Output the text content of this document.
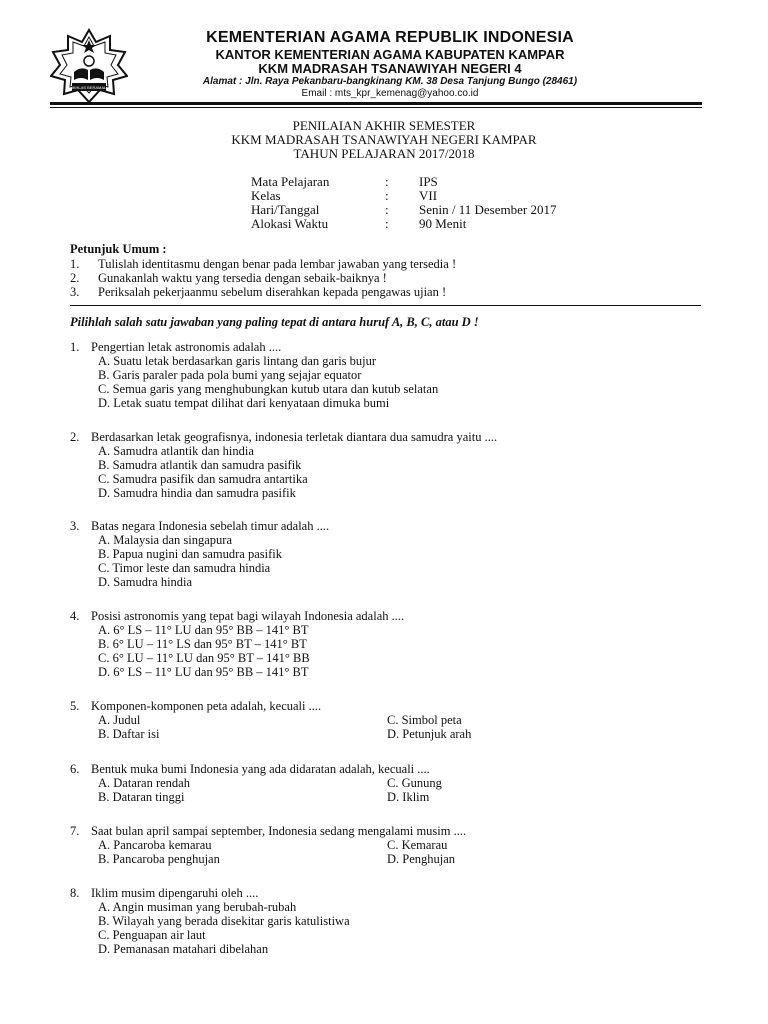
IKHLAS BERAMAL
KEMENTERIAN AGAMA REPUBLIK INDONESIA
KANTOR KEMENTERIAN AGAMA KABUPATEN KAMPAR
KKM MADRASAH TSANAWIYAH NEGERI 4
Alamat : Jln. Raya Pekanbaru-bangkinang KM. 38 Desa Tanjung Bungo (28461)
Email : mts_kpr_kemenag@yahoo.co.id
PENILAIAN AKHIR SEMESTER
KKM MADRASAH TSANAWIYAH NEGERI KAMPAR
TAHUN PELAJARAN 2017/2018
Mata Pelajaran	: IPS
Kelas	: VII
Hari/Tanggal	: Senin / 11 Desember 2017
Alokasi Waktu	: 90 Menit
Petunjuk Umum :
1. Tulislah identitasmu dengan benar pada lembar jawaban yang tersedia !
2. Gunakanlah waktu yang tersedia dengan sebaik-baiknya !
3. Periksalah pekerjaanmu sebelum diserahkan kepada pengawas ujian !
Pilihlah salah satu jawaban yang paling tepat di antara huruf A, B, C, atau D !
1. Pengertian letak astronomis adalah ....
A. Suatu letak berdasarkan garis lintang dan garis bujur
B. Garis paraler pada pola bumi yang sejajar equator
C. Semua garis yang menghubungkan kutub utara dan kutub selatan
D. Letak suatu tempat dilihat dari kenyataan dimuka bumi
2. Berdasarkan letak geografisnya, indonesia terletak diantara dua samudra yaitu ....
A. Samudra atlantik dan hindia
B. Samudra atlantik dan samudra pasifik
C. Samudra pasifik dan samudra antartika
D. Samudra hindia dan samudra pasifik
3. Batas negara Indonesia sebelah timur adalah ....
A. Malaysia dan singapura
B. Papua nugini dan samudra pasifik
C. Timor leste dan samudra hindia
D. Samudra hindia
4. Posisi astronomis yang tepat bagi wilayah Indonesia adalah ....
A. 6° LS – 11° LU dan 95° BB – 141° BT
B. 6° LU – 11° LS dan 95° BT – 141° BT
C. 6° LU – 11° LU dan 95° BT – 141° BB
D. 6° LS – 11° LU dan 95° BB – 141° BT
5. Komponen-komponen peta adalah, kecuali ....
A. Judul
B. Daftar isi
C. Simbol peta
D. Petunjuk arah
6. Bentuk muka bumi Indonesia yang ada didaratan adalah, kecuali ....
A. Dataran rendah
B. Dataran tinggi
C. Gunung
D. Iklim
7. Saat bulan april sampai september, Indonesia sedang mengalami musim ....
A. Pancaroba kemarau
B. Pancaroba penghujan
C. Kemarau
D. Penghujan
8. Iklim musim dipengaruhi oleh ....
A. Angin musiman yang berubah-rubah
B. Wilayah yang berada disekitar garis katulistiwa
C. Penguapan air laut
D. Pemanasan matahari dibelahan
